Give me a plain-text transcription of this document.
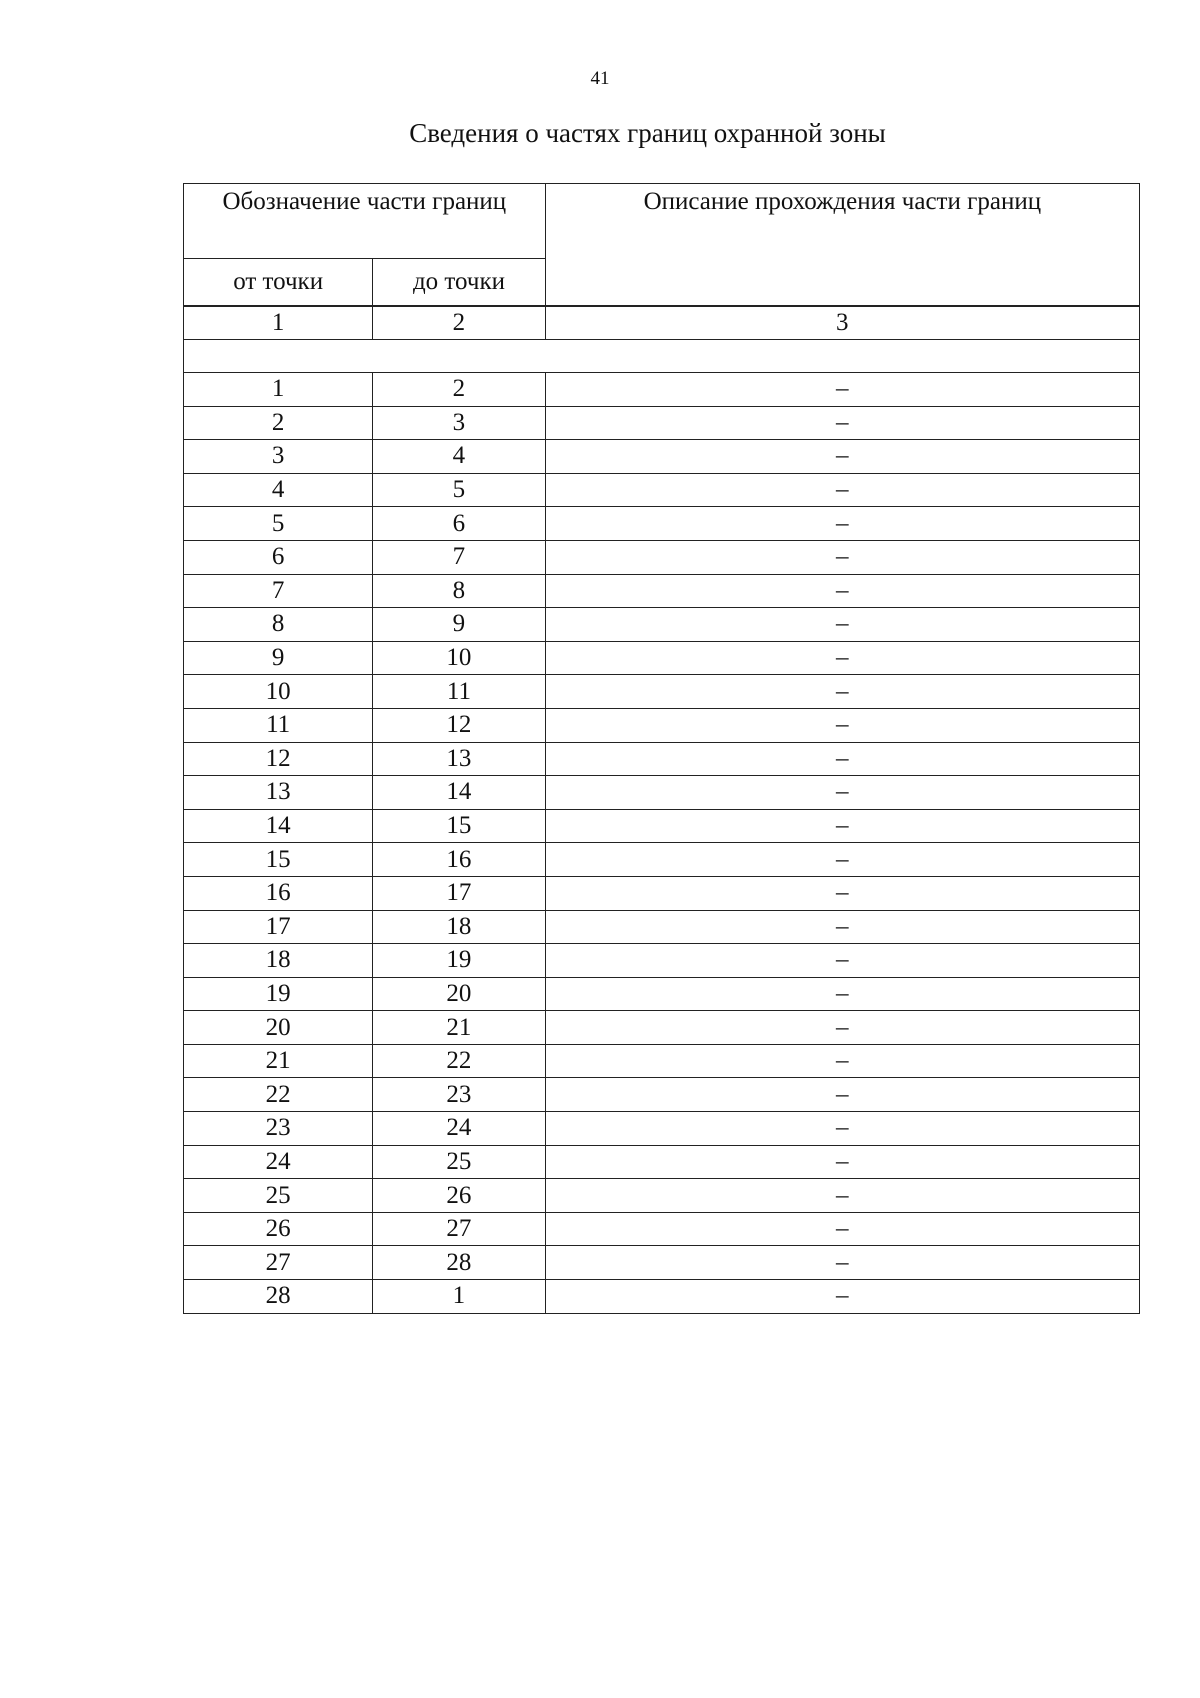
41
Сведения о частях границ охранной зоны
Обозначение части границ		Описание прохождения части границ
от точки	до точки	
1	2	3

1	2	–
2	3	–
3	4	–
4	5	–
5	6	–
6	7	–
7	8	–
8	9	–
9	10	–
10	11	–
11	12	–
12	13	–
13	14	–
14	15	–
15	16	–
16	17	–
17	18	–
18	19	–
19	20	–
20	21	–
21	22	–
22	23	–
23	24	–
24	25	–
25	26	–
26	27	–
27	28	–
28	1	–
